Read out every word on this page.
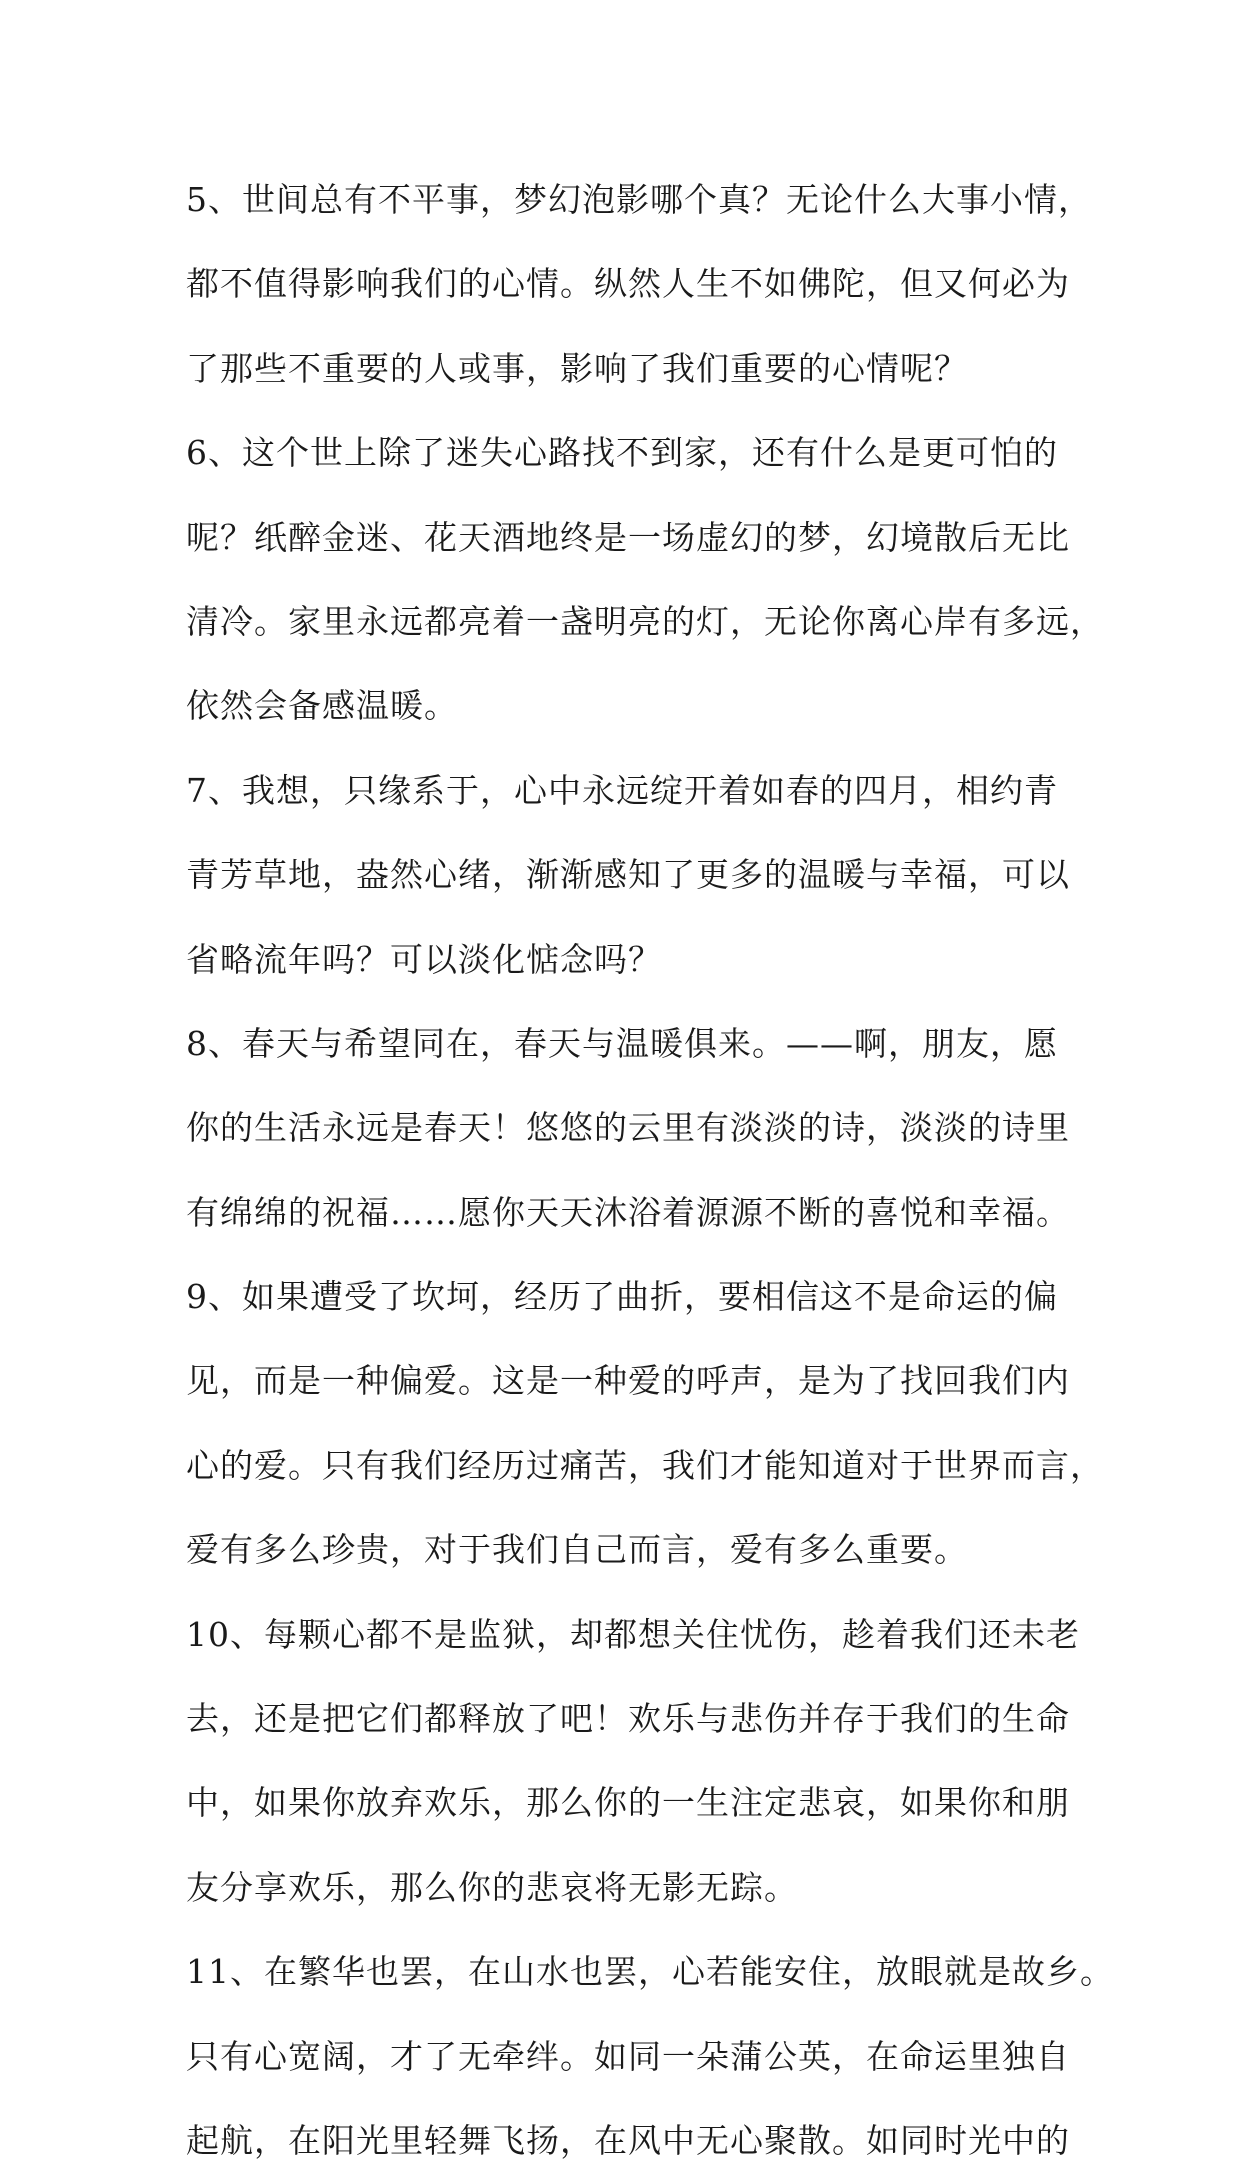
5、世间总有不平事，梦幻泡影哪个真？无论什么大事小情，
都不值得影响我们的心情。纵然人生不如佛陀，但又何必为
了那些不重要的人或事，影响了我们重要的心情呢？
6、这个世上除了迷失心路找不到家，还有什么是更可怕的
呢？纸醉金迷、花天酒地终是一场虚幻的梦，幻境散后无比
清冷。家里永远都亮着一盏明亮的灯，无论你离心岸有多远，
依然会备感温暖。
7、我想，只缘系于，心中永远绽开着如春的四月，相约青
青芳草地，盎然心绪，渐渐感知了更多的温暖与幸福，可以
省略流年吗？可以淡化惦念吗？
8、春天与希望同在，春天与温暖俱来。——啊，朋友，愿
你的生活永远是春天！悠悠的云里有淡淡的诗，淡淡的诗里
有绵绵的祝福……愿你天天沐浴着源源不断的喜悦和幸福。
9、如果遭受了坎坷，经历了曲折，要相信这不是命运的偏
见，而是一种偏爱。这是一种爱的呼声，是为了找回我们内
心的爱。只有我们经历过痛苦，我们才能知道对于世界而言，
爱有多么珍贵，对于我们自己而言，爱有多么重要。
10、每颗心都不是监狱，却都想关住忧伤，趁着我们还未老
去，还是把它们都释放了吧！欢乐与悲伤并存于我们的生命
中，如果你放弃欢乐，那么你的一生注定悲哀，如果你和朋
友分享欢乐，那么你的悲哀将无影无踪。
11、在繁华也罢，在山水也罢，心若能安住，放眼就是故乡。
只有心宽阔，才了无牵绊。如同一朵蒲公英，在命运里独自
起航，在阳光里轻舞飞扬，在风中无心聚散。如同时光中的
